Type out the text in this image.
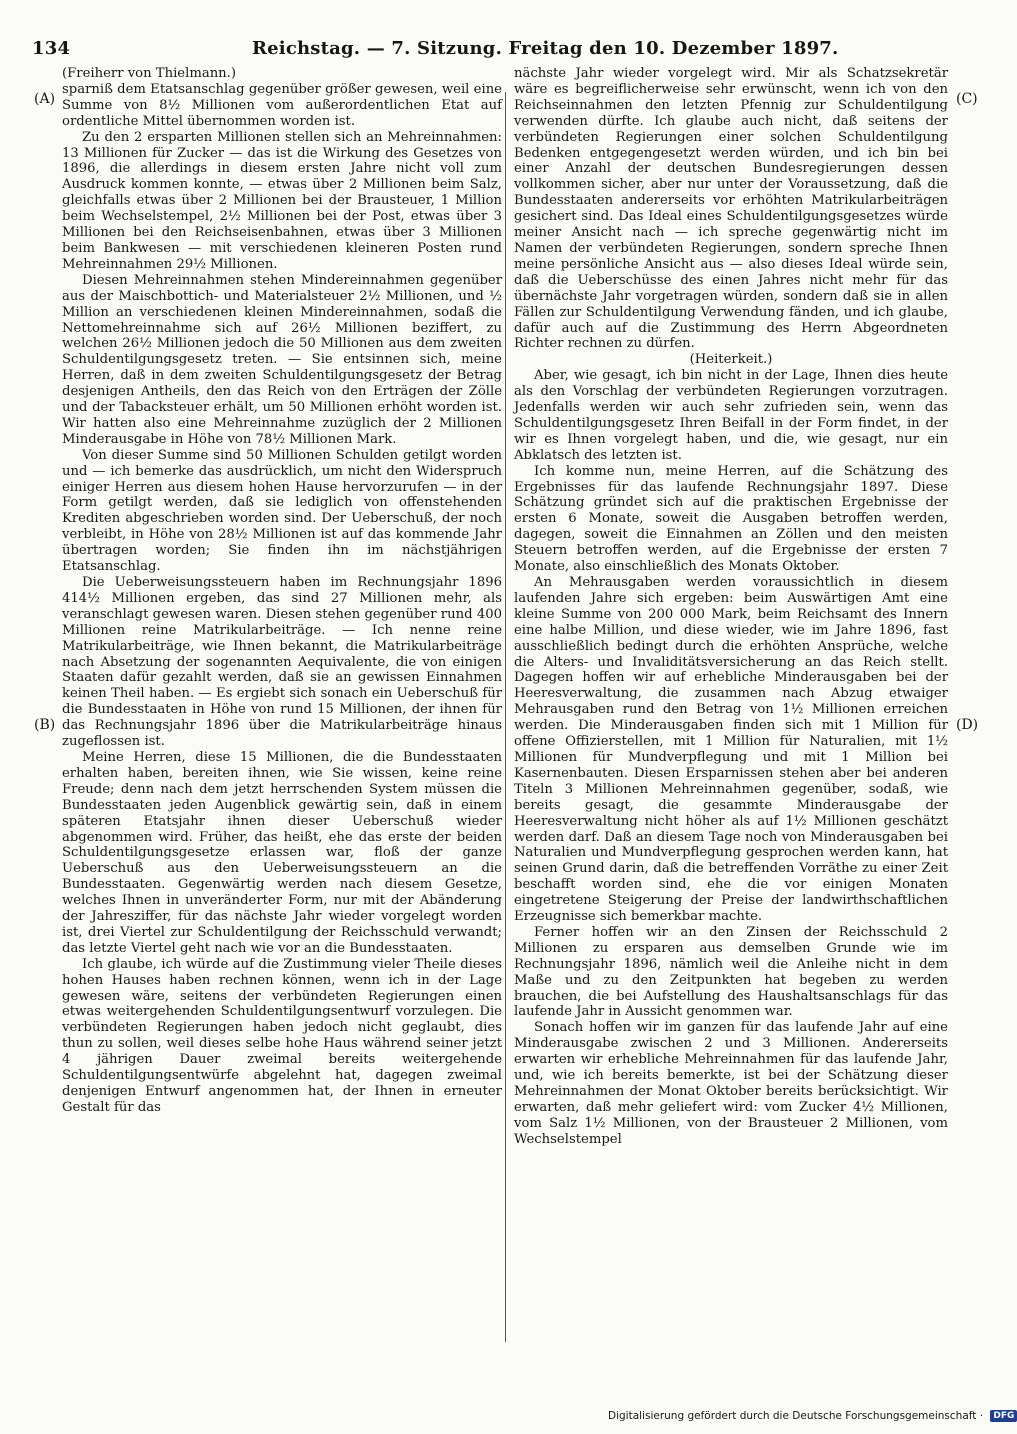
134	Reichstag. — 7. Sitzung. Freitag den 10. Dezember 1897.
(A)
(B)
(C)
(D)

(Freiherr von Thielmann.)

sparniß dem Etatsanschlag gegenüber größer gewesen, weil eine Summe von 8½ Millionen vom außerordentlichen Etat auf ordentliche Mittel übernommen worden ist.

Zu den 2 ersparten Millionen stellen sich an Mehreinnahmen: 13 Millionen für Zucker — das ist die Wirkung des Gesetzes von 1896, die allerdings in diesem ersten Jahre nicht voll zum Ausdruck kommen konnte, — etwas über 2 Millionen beim Salz, gleichfalls etwas über 2 Millionen bei der Brausteuer, 1 Million beim Wechselstempel, 2½ Millionen bei der Post, etwas über 3 Millionen bei den Reichseisenbahnen, etwas über 3 Millionen beim Bankwesen — mit verschiedenen kleineren Posten rund Mehreinnahmen 29½ Millionen.

Diesen Mehreinnahmen stehen Mindereinnahmen gegenüber aus der Maischbottich- und Materialsteuer 2½ Millionen, und ½ Million an verschiedenen kleinen Mindereinnahmen, sodaß die Nettomehreinnahme sich auf 26½ Millionen beziffert, zu welchen 26½ Millionen jedoch die 50 Millionen aus dem zweiten Schuldentilgungsgesetz treten. — Sie entsinnen sich, meine Herren, daß in dem zweiten Schuldentilgungsgesetz der Betrag desjenigen Antheils, den das Reich von den Erträgen der Zölle und der Tabacksteuer erhält, um 50 Millionen erhöht worden ist. Wir hatten also eine Mehreinnahme zuzüglich der 2 Millionen Minderausgabe in Höhe von 78½ Millionen Mark.

Von dieser Summe sind 50 Millionen Schulden getilgt worden und — ich bemerke das ausdrücklich, um nicht den Widerspruch einiger Herren aus diesem hohen Hause hervorzurufen — in der Form getilgt werden, daß sie lediglich von offenstehenden Krediten abgeschrieben worden sind. Der Ueberschuß, der noch verbleibt, in Höhe von 28½ Millionen ist auf das kommende Jahr übertragen worden; Sie finden ihn im nächstjährigen Etatsanschlag.

Die Ueberweisungssteuern haben im Rechnungsjahr 1896 414½ Millionen ergeben, das sind 27 Millionen mehr, als veranschlagt gewesen waren. Diesen stehen gegenüber rund 400 Millionen reine Matrikularbeiträge. — Ich nenne reine Matrikularbeiträge, wie Ihnen bekannt, die Matrikularbeiträge nach Absetzung der sogenannten Aequivalente, die von einigen Staaten dafür gezahlt werden, daß sie an gewissen Einnahmen keinen Theil haben. — Es ergiebt sich sonach ein Ueberschuß für die Bundesstaaten in Höhe von rund 15 Millionen, der ihnen für das Rechnungsjahr 1896 über die Matrikularbeiträge hinaus zugeflossen ist.

Meine Herren, diese 15 Millionen, die die Bundesstaaten erhalten haben, bereiten ihnen, wie Sie wissen, keine reine Freude; denn nach dem jetzt herrschenden System müssen die Bundesstaaten jeden Augenblick gewärtig sein, daß in einem späteren Etatsjahr ihnen dieser Ueberschuß wieder abgenommen wird. Früher, das heißt, ehe das erste der beiden Schuldentilgungsgesetze erlassen war, floß der ganze Ueberschuß aus den Ueberweisungssteuern an die Bundesstaaten. Gegenwärtig werden nach diesem Gesetze, welches Ihnen in unveränderter Form, nur mit der Abänderung der Jahresziffer, für das nächste Jahr wieder vorgelegt worden ist, drei Viertel zur Schuldentilgung der Reichsschuld verwandt; das letzte Viertel geht nach wie vor an die Bundesstaaten.

Ich glaube, ich würde auf die Zustimmung vieler Theile dieses hohen Hauses haben rechnen können, wenn ich in der Lage gewesen wäre, seitens der verbündeten Regierungen einen etwas weitergehenden Schuldentilgungsentwurf vorzulegen. Die verbündeten Regierungen haben jedoch nicht geglaubt, dies thun zu sollen, weil dieses selbe hohe Haus während seiner jetzt 4 jährigen Dauer zweimal bereits weitergehende Schuldentilgungsentwürfe abgelehnt hat, dagegen zweimal denjenigen Entwurf angenommen hat, der Ihnen in erneuter Gestalt für das

nächste Jahr wieder vorgelegt wird. Mir als Schatzsekretär wäre es begreiflicherweise sehr erwünscht, wenn ich von den Reichseinnahmen den letzten Pfennig zur Schuldentilgung verwenden dürfte. Ich glaube auch nicht, daß seitens der verbündeten Regierungen einer solchen Schuldentilgung Bedenken entgegengesetzt werden würden, und ich bin bei einer Anzahl der deutschen Bundesregierungen dessen vollkommen sicher, aber nur unter der Voraussetzung, daß die Bundesstaaten andererseits vor erhöhten Matrikularbeiträgen gesichert sind. Das Ideal eines Schuldentilgungsgesetzes würde meiner Ansicht nach — ich spreche gegenwärtig nicht im Namen der verbündeten Regierungen, sondern spreche Ihnen meine persönliche Ansicht aus — also dieses Ideal würde sein, daß die Ueberschüsse des einen Jahres nicht mehr für das übernächste Jahr vorgetragen würden, sondern daß sie in allen Fällen zur Schuldentilgung Verwendung fänden, und ich glaube, dafür auch auf die Zustimmung des Herrn Abgeordneten Richter rechnen zu dürfen.

(Heiterkeit.)

Aber, wie gesagt, ich bin nicht in der Lage, Ihnen dies heute als den Vorschlag der verbündeten Regierungen vorzutragen. Jedenfalls werden wir auch sehr zufrieden sein, wenn das Schuldentilgungsgesetz Ihren Beifall in der Form findet, in der wir es Ihnen vorgelegt haben, und die, wie gesagt, nur ein Abklatsch des letzten ist.

Ich komme nun, meine Herren, auf die Schätzung des Ergebnisses für das laufende Rechnungsjahr 1897. Diese Schätzung gründet sich auf die praktischen Ergebnisse der ersten 6 Monate, soweit die Ausgaben betroffen werden, dagegen, soweit die Einnahmen an Zöllen und den meisten Steuern betroffen werden, auf die Ergebnisse der ersten 7 Monate, also einschließlich des Monats Oktober.

An Mehrausgaben werden voraussichtlich in diesem laufenden Jahre sich ergeben: beim Auswärtigen Amt eine kleine Summe von 200 000 Mark, beim Reichsamt des Innern eine halbe Million, und diese wieder, wie im Jahre 1896, fast ausschließlich bedingt durch die erhöhten Ansprüche, welche die Alters- und Invaliditätsversicherung an das Reich stellt. Dagegen hoffen wir auf erhebliche Minderausgaben bei der Heeresverwaltung, die zusammen nach Abzug etwaiger Mehrausgaben rund den Betrag von 1½ Millionen erreichen werden. Die Minderausgaben finden sich mit 1 Million für offene Offizierstellen, mit 1 Million für Naturalien, mit 1½ Millionen für Mundverpflegung und mit 1 Million bei Kasernenbauten. Diesen Ersparnissen stehen aber bei anderen Titeln 3 Millionen Mehreinnahmen gegenüber, sodaß, wie bereits gesagt, die gesammte Minderausgabe der Heeresverwaltung nicht höher als auf 1½ Millionen geschätzt werden darf. Daß an diesem Tage noch von Minderausgaben bei Naturalien und Mundverpflegung gesprochen werden kann, hat seinen Grund darin, daß die betreffenden Vorräthe zu einer Zeit beschafft worden sind, ehe die vor einigen Monaten eingetretene Steigerung der Preise der landwirthschaftlichen Erzeugnisse sich bemerkbar machte.

Ferner hoffen wir an den Zinsen der Reichsschuld 2 Millionen zu ersparen aus demselben Grunde wie im Rechnungsjahr 1896, nämlich weil die Anleihe nicht in dem Maße und zu den Zeitpunkten hat begeben zu werden brauchen, die bei Aufstellung des Haushaltsanschlags für das laufende Jahr in Aussicht genommen war.

Sonach hoffen wir im ganzen für das laufende Jahr auf eine Minderausgabe zwischen 2 und 3 Millionen. Andererseits erwarten wir erhebliche Mehreinnahmen für das laufende Jahr, und, wie ich bereits bemerkte, ist bei der Schätzung dieser Mehreinnahmen der Monat Oktober bereits berücksichtigt. Wir erwarten, daß mehr geliefert wird: vom Zucker 4½ Millionen, vom Salz 1½ Millionen, von der Brausteuer 2 Millionen, vom Wechselstempel

Digitalisierung gefördert durch die Deutsche Forschungsgemeinschaft · DFG
